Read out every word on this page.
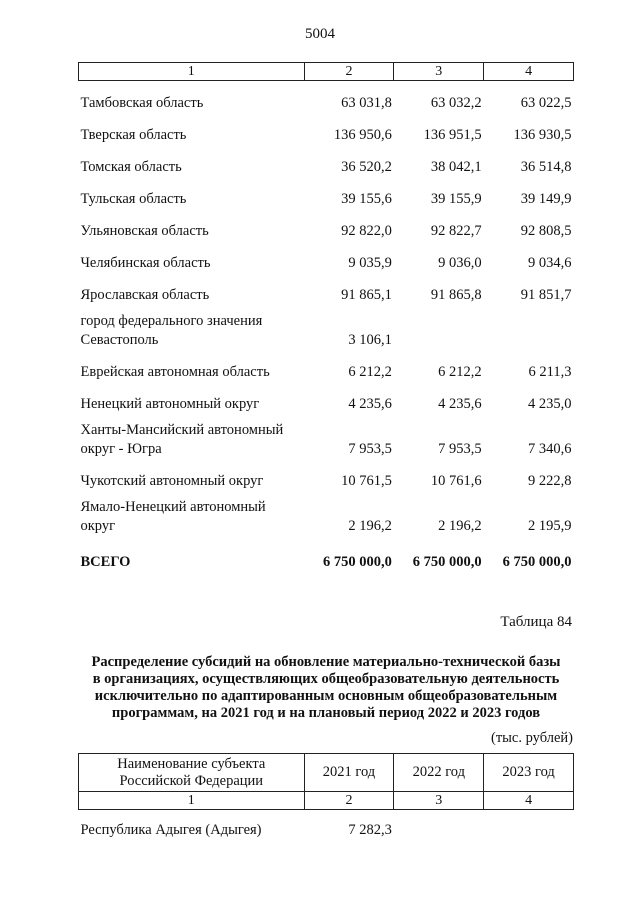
5004
1	2	3	4
Тамбовская область	63 031,8	63 032,2	63 022,5
Тверская область	136 950,6	136 951,5	136 930,5
Томская область	36 520,2	38 042,1	36 514,8
Тульская область	39 155,6	39 155,9	39 149,9
Ульяновская область	92 822,0	92 822,7	92 808,5
Челябинская область	9 035,9	9 036,0	9 034,6
Ярославская область	91 865,1	91 865,8	91 851,7

город федерального значения
Севастополь	3 106,1		
Еврейская автономная область	6 212,2	6 212,2	6 211,3
Ненецкий автономный округ	4 235,6	4 235,6	4 235,0

Ханты-Мансийский автономный
округ - Югра	7 953,5	7 953,5	7 340,6
Чукотский автономный округ	10 761,5	10 761,6	9 222,8

Ямало-Ненецкий автономный
округ	2 196,2	2 196,2	2 195,9
ВСЕГО	6 750 000,0	6 750 000,0	6 750 000,0
Таблица 84
Распределение субсидий на обновление материально-технической базы
в организациях, осуществляющих общеобразовательную деятельность
исключительно по адаптированным основным общеобразовательным
программам, на 2021 год и на плановый период 2022 и 2023 годов
(тыс. рублей)
Наименование субъекта
Российской Федерации	2021 год	2022 год	2023 год
1	2	3	4
Республика Адыгея (Адыгея)	7 282,3		
